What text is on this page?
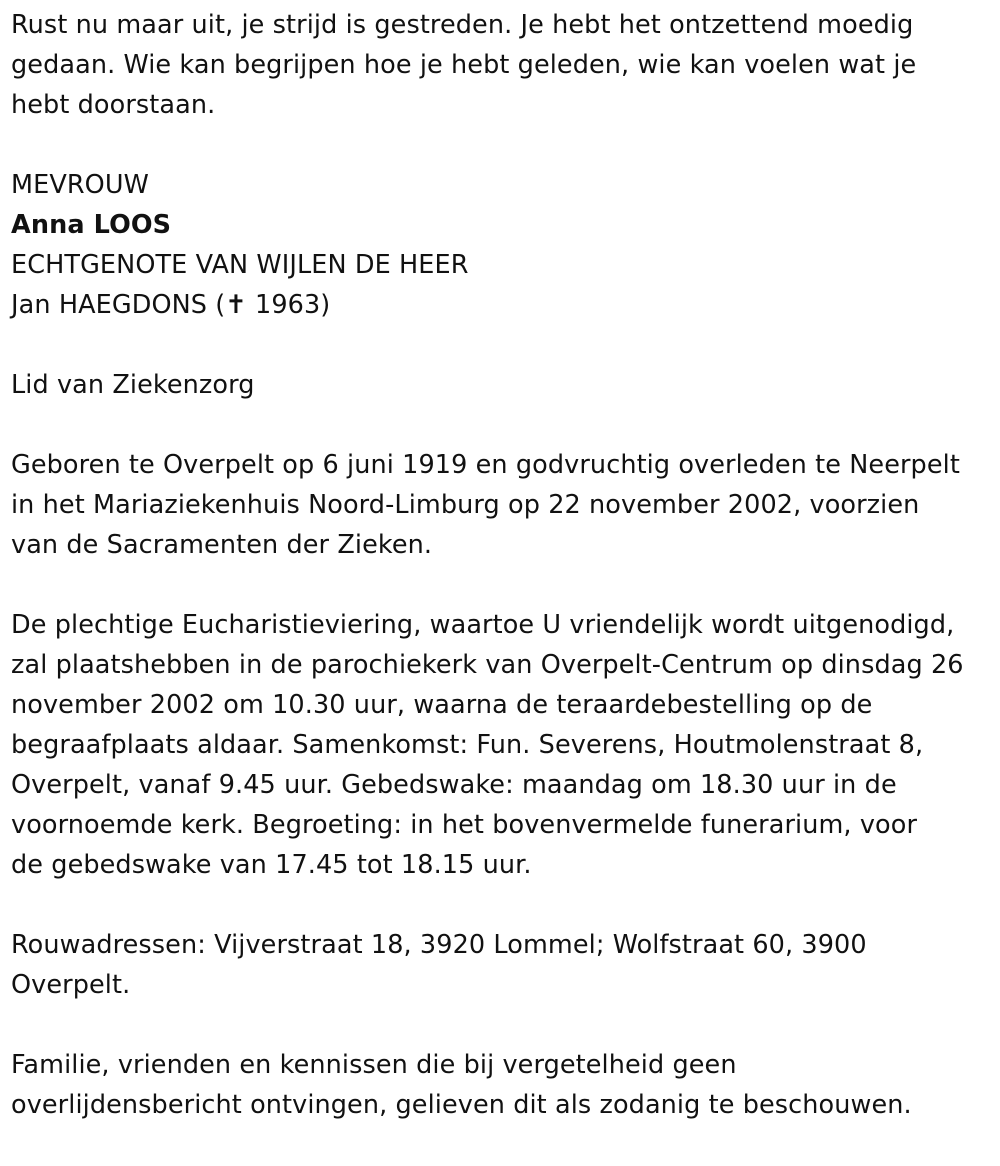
Rust nu maar uit, je strijd is gestreden. Je hebt het ontzettend moedig
gedaan. Wie kan begrijpen hoe je hebt geleden, wie kan voelen wat je
hebt doorstaan.
MEVROUW
Anna LOOS
ECHTGENOTE VAN WIJLEN DE HEER
Jan HAEGDONS (✝ 1963)
Lid van Ziekenzorg
Geboren te Overpelt op 6 juni 1919 en godvruchtig overleden te Neerpelt
in het Mariaziekenhuis Noord-Limburg op 22 november 2002, voorzien
van de Sacramenten der Zieken.
De plechtige Eucharistieviering, waartoe U vriendelijk wordt uitgenodigd,
zal plaatshebben in de parochiekerk van Overpelt-Centrum op dinsdag 26
november 2002 om 10.30 uur, waarna de teraardebestelling op de
begraafplaats aldaar. Samenkomst: Fun. Severens, Houtmolenstraat 8,
Overpelt, vanaf 9.45 uur. Gebedswake: maandag om 18.30 uur in de
voornoemde kerk. Begroeting: in het bovenvermelde funerarium, voor
de gebedswake van 17.45 tot 18.15 uur.
Rouwadressen: Vijverstraat 18, 3920 Lommel; Wolfstraat 60, 3900
Overpelt.
Familie, vrienden en kennissen die bij vergetelheid geen
overlijdensbericht ontvingen, gelieven dit als zodanig te beschouwen.
